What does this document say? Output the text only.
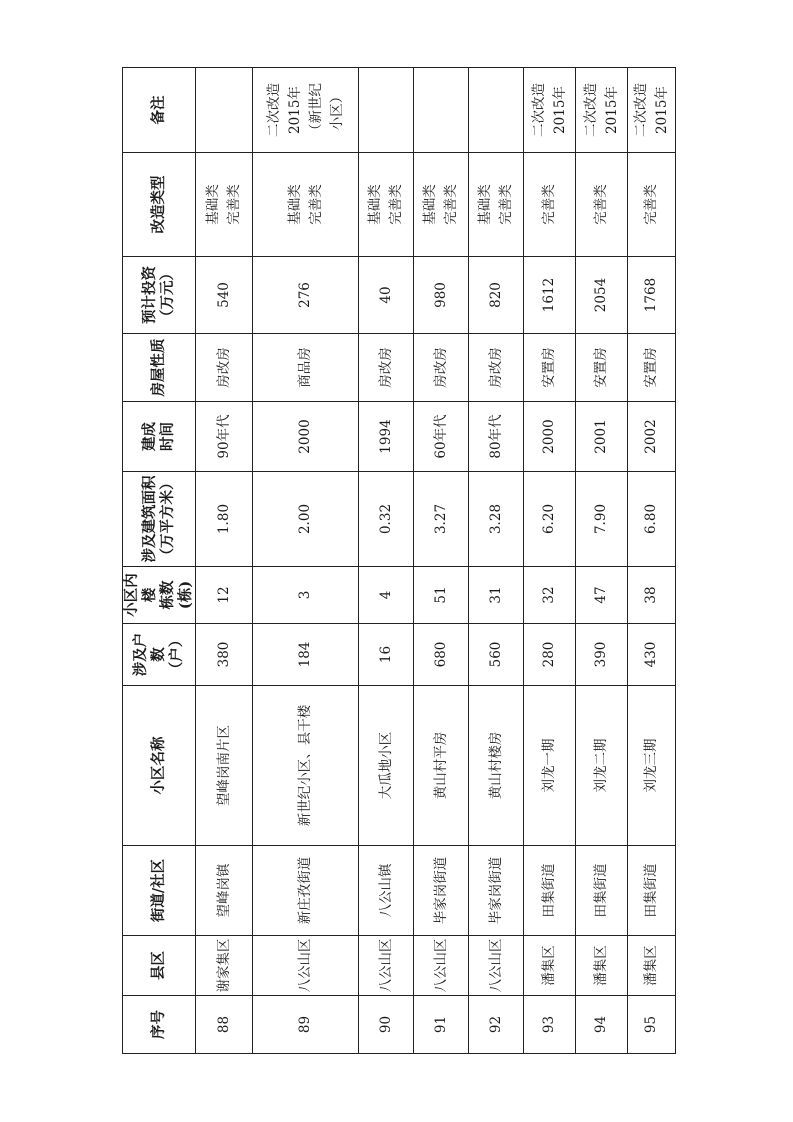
序号	县区	街道/社区	小区名称	涉及户数 （户）	小区内楼 栋数(栋)	涉及建筑面积 （万平方米）	建成 时间	房屋性质	预计投资 （万元）	改造类型	备注
88	谢家集区	望峰岗镇	望峰岗南片区	380	12	1.80	90年代	房改房	540	基础类 完善类	

89	八公山区	新庄孜街道	新世纪小区、县干楼	184	3	2.00	2000	商品房	276	基础类 完善类	二次改造 2015年 （新世纪 小区）

90	八公山区	八公山镇	大瓜地小区	16	4	0.32	1994	房改房	40	基础类 完善类	

91	八公山区	毕家岗街道	黄山村平房	680	51	3.27	60年代	房改房	980	基础类 完善类	

92	八公山区	毕家岗街道	黄山村楼房	560	31	3.28	80年代	房改房	820	基础类 完善类	

93	潘集区	田集街道	刘龙一期	280	32	6.20	2000	安置房	1612	完善类	二次改造 2015年

94	潘集区	田集街道	刘龙二期	390	47	7.90	2001	安置房	2054	完善类	二次改造 2015年

95	潘集区	田集街道	刘龙三期	430	38	6.80	2002	安置房	1768	完善类	二次改造 2015年
